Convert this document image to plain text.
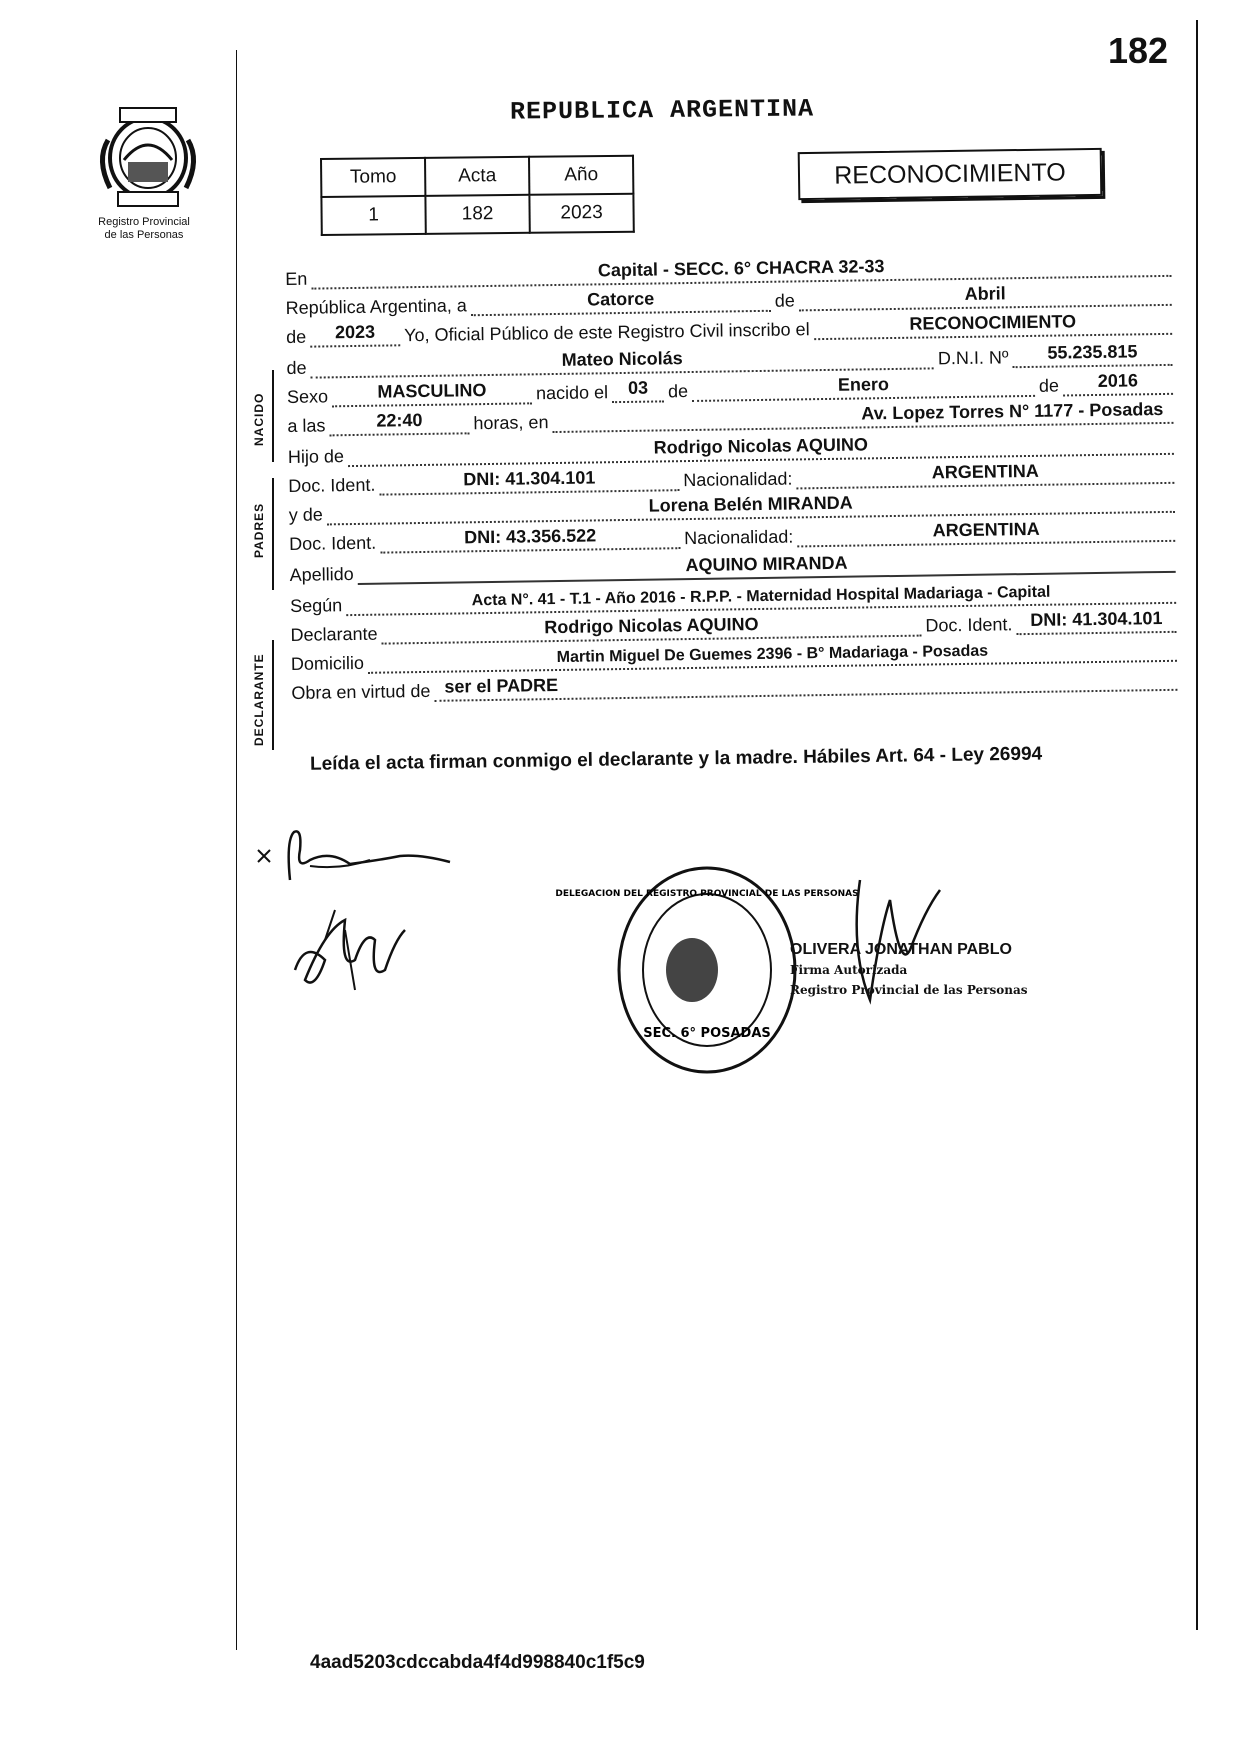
182
Registro Provincial
de las Personas
REPUBLICA ARGENTINA
Tomo	Acta	Año
1	182	2023
RECONOCIMIENTO
NACIDO
PADRES
DECLARANTE
En	Capital - SECC. 6° CHACRA 32-33
República Argentina, a	Catorce	de	Abril
de	2023	Yo, Oficial Público de este Registro Civil inscribo el	RECONOCIMIENTO
de	Mateo Nicolás	D.N.I. Nº	55.235.815
Sexo	MASCULINO	nacido el	03	de	Enero	de	2016
a las	22:40	horas, en	Av. Lopez Torres N° 1177 - Posadas
Hijo de	Rodrigo Nicolas AQUINO
Doc. Ident.	DNI: 41.304.101	Nacionalidad:	ARGENTINA
y de	Lorena Belén MIRANDA
Doc. Ident.	DNI: 43.356.522	Nacionalidad:	ARGENTINA
Apellido	AQUINO MIRANDA
Según	Acta N°. 41 - T.1 - Año 2016 - R.P.P. - Maternidad Hospital Madariaga - Capital
Declarante	Rodrigo Nicolas AQUINO	Doc. Ident. DNI: 41.304.101
Domicilio	Martin Miguel De Guemes 2396 - B° Madariaga - Posadas
Obra en virtud de ser el PADRE
Leída el acta firman conmigo el declarante y la madre. Hábiles Art. 64 - Ley 26994
SEC. 6° POSADAS
DELEGACION DEL REGISTRO PROVINCIAL DE LAS PERSONAS
OLIVERA JONATHAN PABLO
Firma Autorizada
Registro Provincial de las Personas
4aad5203cdccabda4f4d998840c1f5c9
